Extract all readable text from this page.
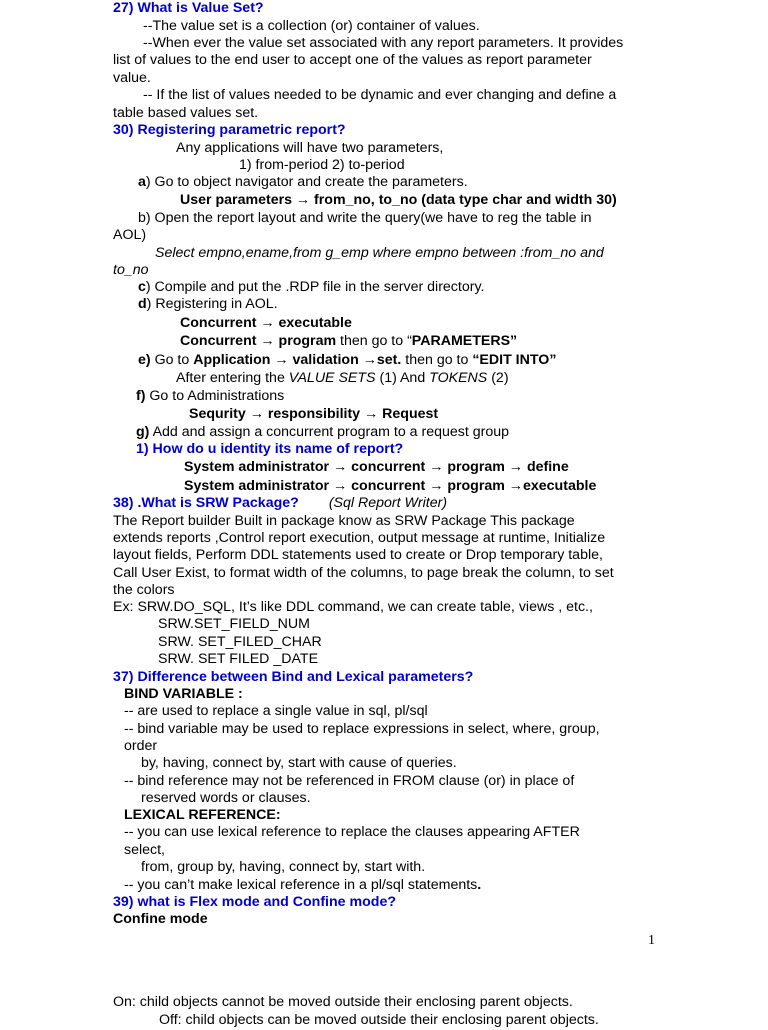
27) What is Value Set?
--The value set is a collection (or) container of values.
--When ever the value set associated with any report parameters. It provides
list of values to the end user to accept one of the values as report parameter
value.
-- If the list of values needed to be dynamic and ever changing and define a
table based values set.
30) Registering parametric report?
Any applications will have two parameters,
1) from-period 2) to-period
a) Go to object navigator and create the parameters.
User parameters → from_no, to_no (data type char and width 30)
b) Open the report layout and write the query(we have to reg the table in
AOL)
Select empno,ename,from g_emp where empno between :from_no and
to_no
c) Compile and put the .RDP file in the server directory.
d) Registering in AOL.
Concurrent → executable
Concurrent → program then go to “PARAMETERS”
e) Go to Application → validation →set. then go to “EDIT INTO”
After entering the VALUE SETS (1) And TOKENS (2)
f) Go to Administrations
Sequrity → responsibility → Request
g) Add and assign a concurrent program to a request group
1) How do u identity its name of report?
System administrator → concurrent → program → define
System administrator → concurrent → program →executable
38) .What is SRW Package? (Sql Report Writer)
The Report builder Built in package know as SRW Package This package
extends reports ,Control report execution, output message at runtime, Initialize
layout fields, Perform DDL statements used to create or Drop temporary table,
Call User Exist, to format width of the columns, to page break the column, to set
the colors
Ex: SRW.DO_SQL, It’s like DDL command, we can create table, views , etc.,
SRW.SET_FIELD_NUM
SRW. SET_FILED_CHAR
SRW. SET FILED _DATE
37) Difference between Bind and Lexical parameters?
BIND VARIABLE :
-- are used to replace a single value in sql, pl/sql
-- bind variable may be used to replace expressions in select, where, group,
order
by, having, connect by, start with cause of queries.
-- bind reference may not be referenced in FROM clause (or) in place of
reserved words or clauses.
LEXICAL REFERENCE:
-- you can use lexical reference to replace the clauses appearing AFTER
select,
from, group by, having, connect by, start with.
-- you can’t make lexical reference in a pl/sql statements.
39) what is Flex mode and Confine mode?
Confine mode
1
On: child objects cannot be moved outside their enclosing parent objects.
Off: child objects can be moved outside their enclosing parent objects.
